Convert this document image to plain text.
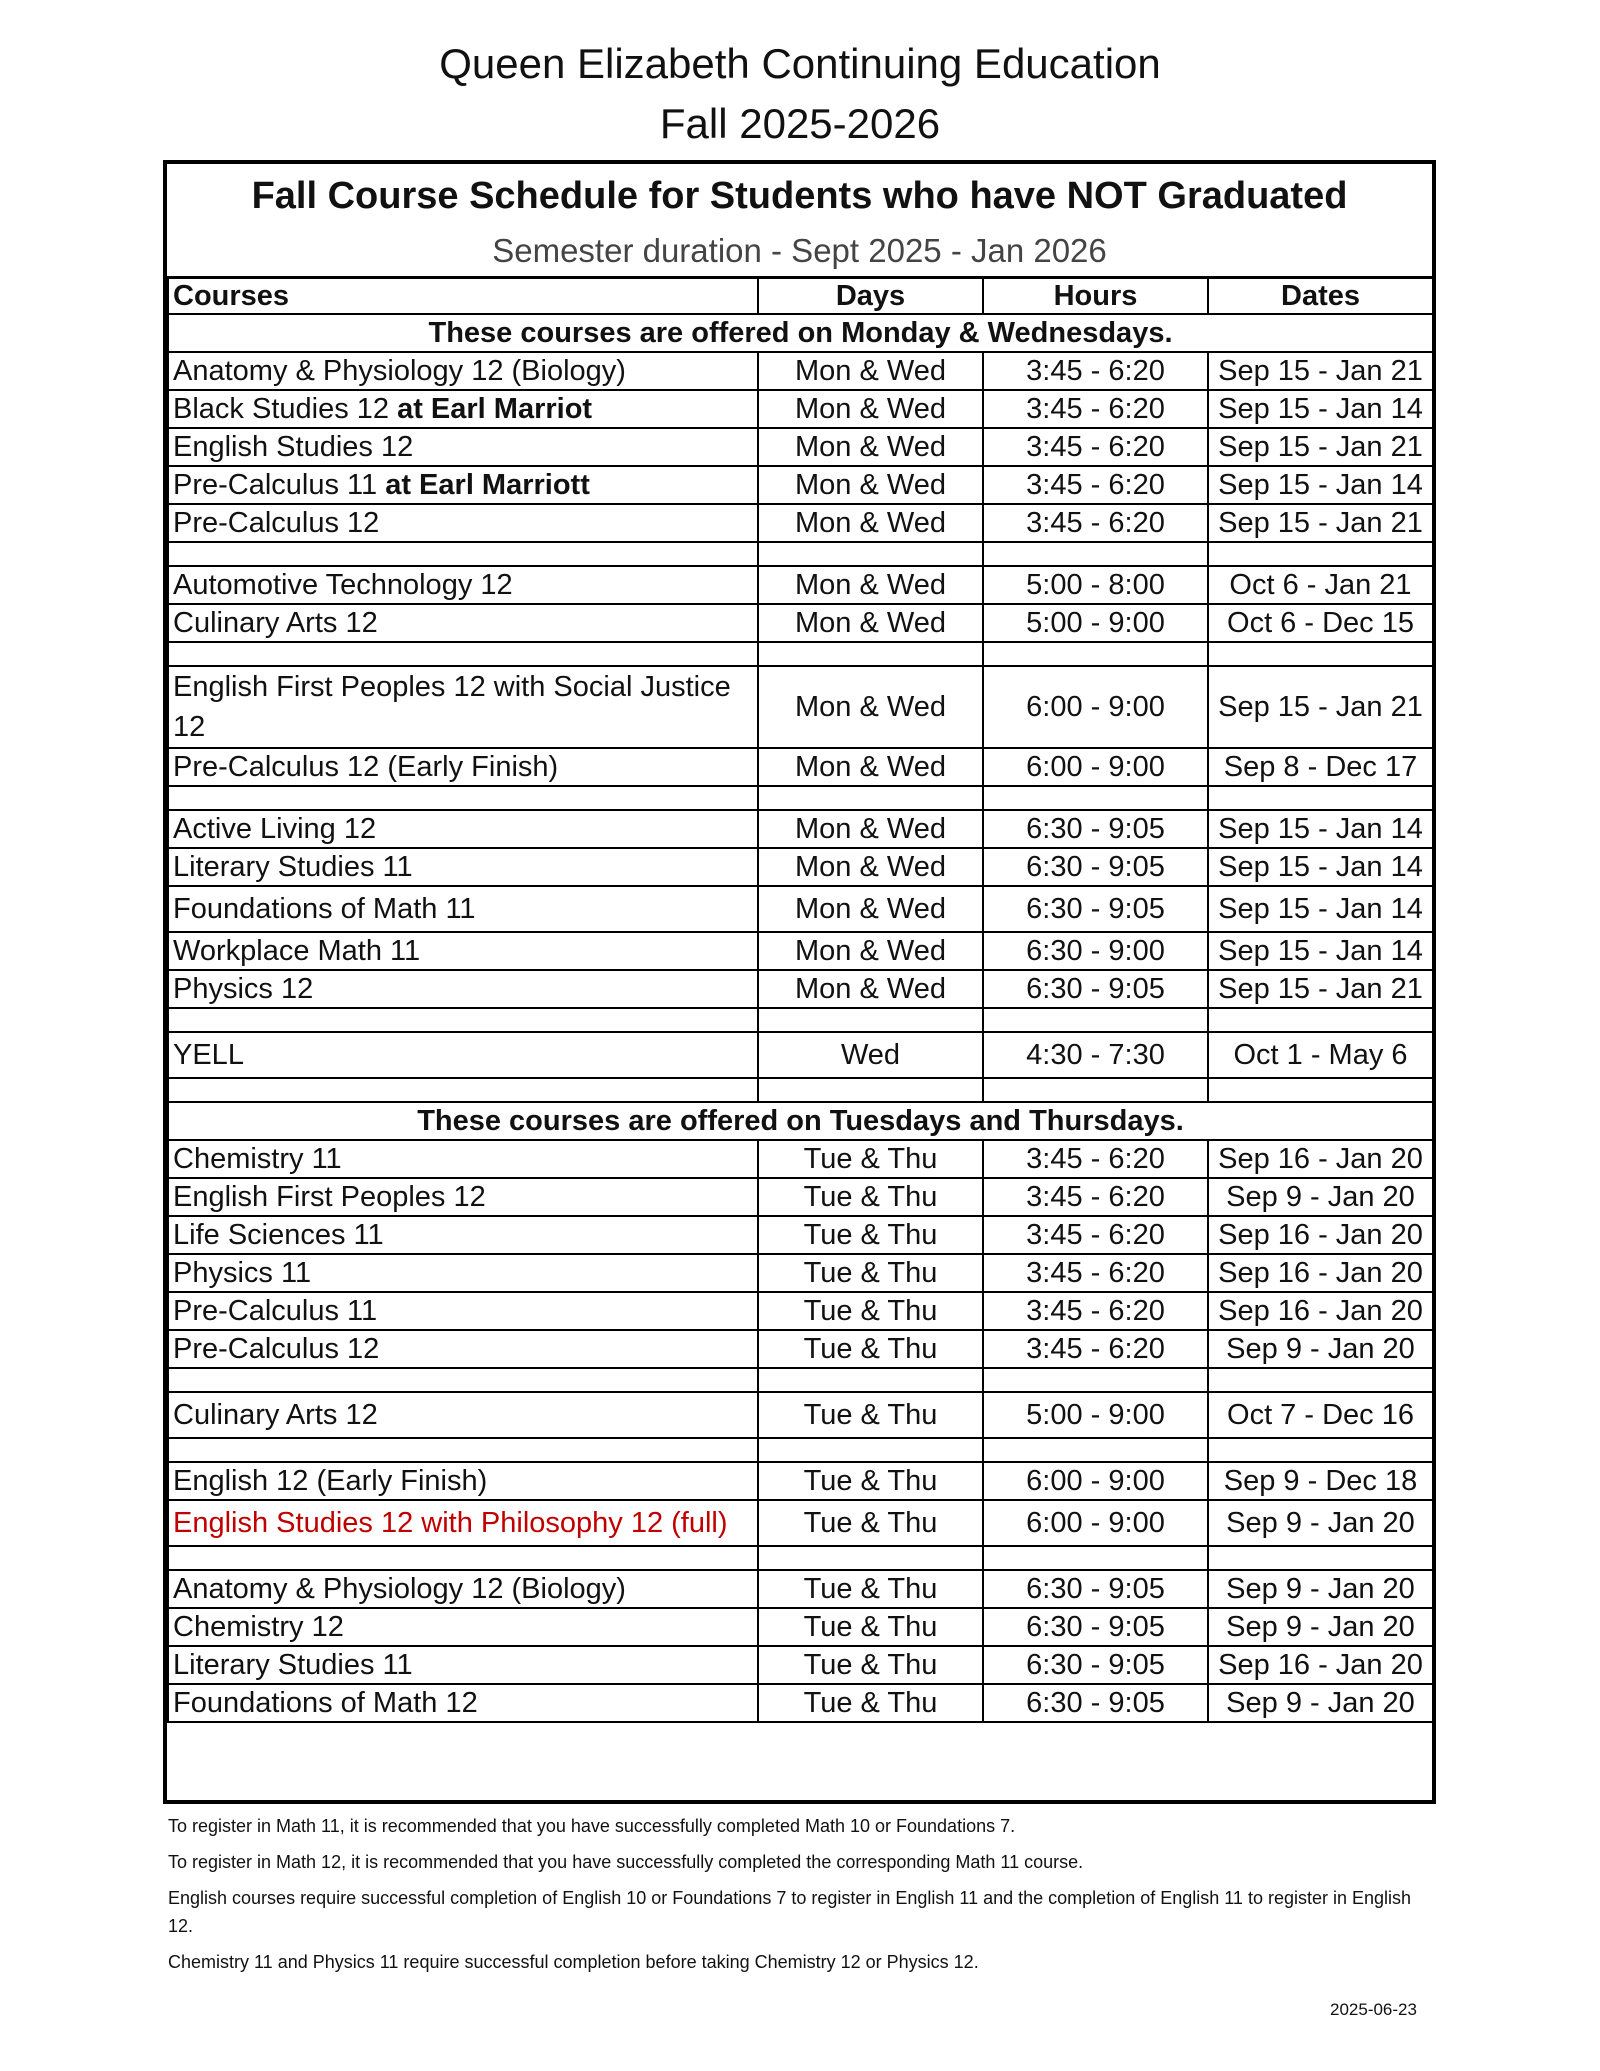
Queen Elizabeth Continuing Education
Fall 2025-2026
Fall Course Schedule for Students who have NOT Graduated
Semester duration - Sept 2025 - Jan 2026
Courses	Days	Hours	Dates
These courses are offered on Monday & Wednesdays.			
Anatomy & Physiology 12 (Biology)	Mon & Wed	3:45 - 6:20	Sep 15 - Jan 21
Black Studies 12 at Earl Marriot	Mon & Wed	3:45 - 6:20	Sep 15 - Jan 14
English Studies 12	Mon & Wed	3:45 - 6:20	Sep 15 - Jan 21
Pre-Calculus 11 at Earl Marriott	Mon & Wed	3:45 - 6:20	Sep 15 - Jan 14
Pre-Calculus 12	Mon & Wed	3:45 - 6:20	Sep 15 - Jan 21

Automotive Technology 12	Mon & Wed	5:00 - 8:00	Oct 6 - Jan 21
Culinary Arts 12	Mon & Wed	5:00 - 9:00	Oct 6 - Dec 15

English First Peoples 12 with Social Justice 12	Mon & Wed	6:00 - 9:00	Sep 15 - Jan 21
Pre-Calculus 12 (Early Finish)	Mon & Wed	6:00 - 9:00	Sep 8 - Dec 17

Active Living 12	Mon & Wed	6:30 - 9:05	Sep 15 - Jan 14
Literary Studies 11	Mon & Wed	6:30 - 9:05	Sep 15 - Jan 14
Foundations of Math 11	Mon & Wed	6:30 - 9:05	Sep 15 - Jan 14
Workplace Math 11	Mon & Wed	6:30 - 9:00	Sep 15 - Jan 14
Physics 12	Mon & Wed	6:30 - 9:05	Sep 15 - Jan 21

YELL	Wed	4:30 - 7:30	Oct 1 - May 6

These courses are offered on Tuesdays and Thursdays.			
Chemistry 11	Tue & Thu	3:45 - 6:20	Sep 16 - Jan 20
English First Peoples 12	Tue & Thu	3:45 - 6:20	Sep 9 - Jan 20
Life Sciences 11	Tue & Thu	3:45 - 6:20	Sep 16 - Jan 20
Physics 11	Tue & Thu	3:45 - 6:20	Sep 16 - Jan 20
Pre-Calculus 11	Tue & Thu	3:45 - 6:20	Sep 16 - Jan 20
Pre-Calculus 12	Tue & Thu	3:45 - 6:20	Sep 9 - Jan 20

Culinary Arts 12	Tue & Thu	5:00 - 9:00	Oct 7 - Dec 16

English 12 (Early Finish)	Tue & Thu	6:00 - 9:00	Sep 9 - Dec 18
English Studies 12 with Philosophy 12 (full)	Tue & Thu	6:00 - 9:00	Sep 9 - Jan 20

Anatomy & Physiology 12 (Biology)	Tue & Thu	6:30 - 9:05	Sep 9 - Jan 20
Chemistry 12	Tue & Thu	6:30 - 9:05	Sep 9 - Jan 20
Literary Studies 11	Tue & Thu	6:30 - 9:05	Sep 16 - Jan 20
Foundations of Math 12	Tue & Thu	6:30 - 9:05	Sep 9 - Jan 20

To register in Math 11, it is recommended that you have successfully completed Math 10 or Foundations 7.

To register in Math 12, it is recommended that you have successfully completed the corresponding Math 11 course.

English courses require successful completion of English 10 or Foundations 7 to register in English 11 and the completion of English 11 to register in English 12.

Chemistry 11 and Physics 11 require successful completion before taking Chemistry 12 or Physics 12.

2025-06-23
